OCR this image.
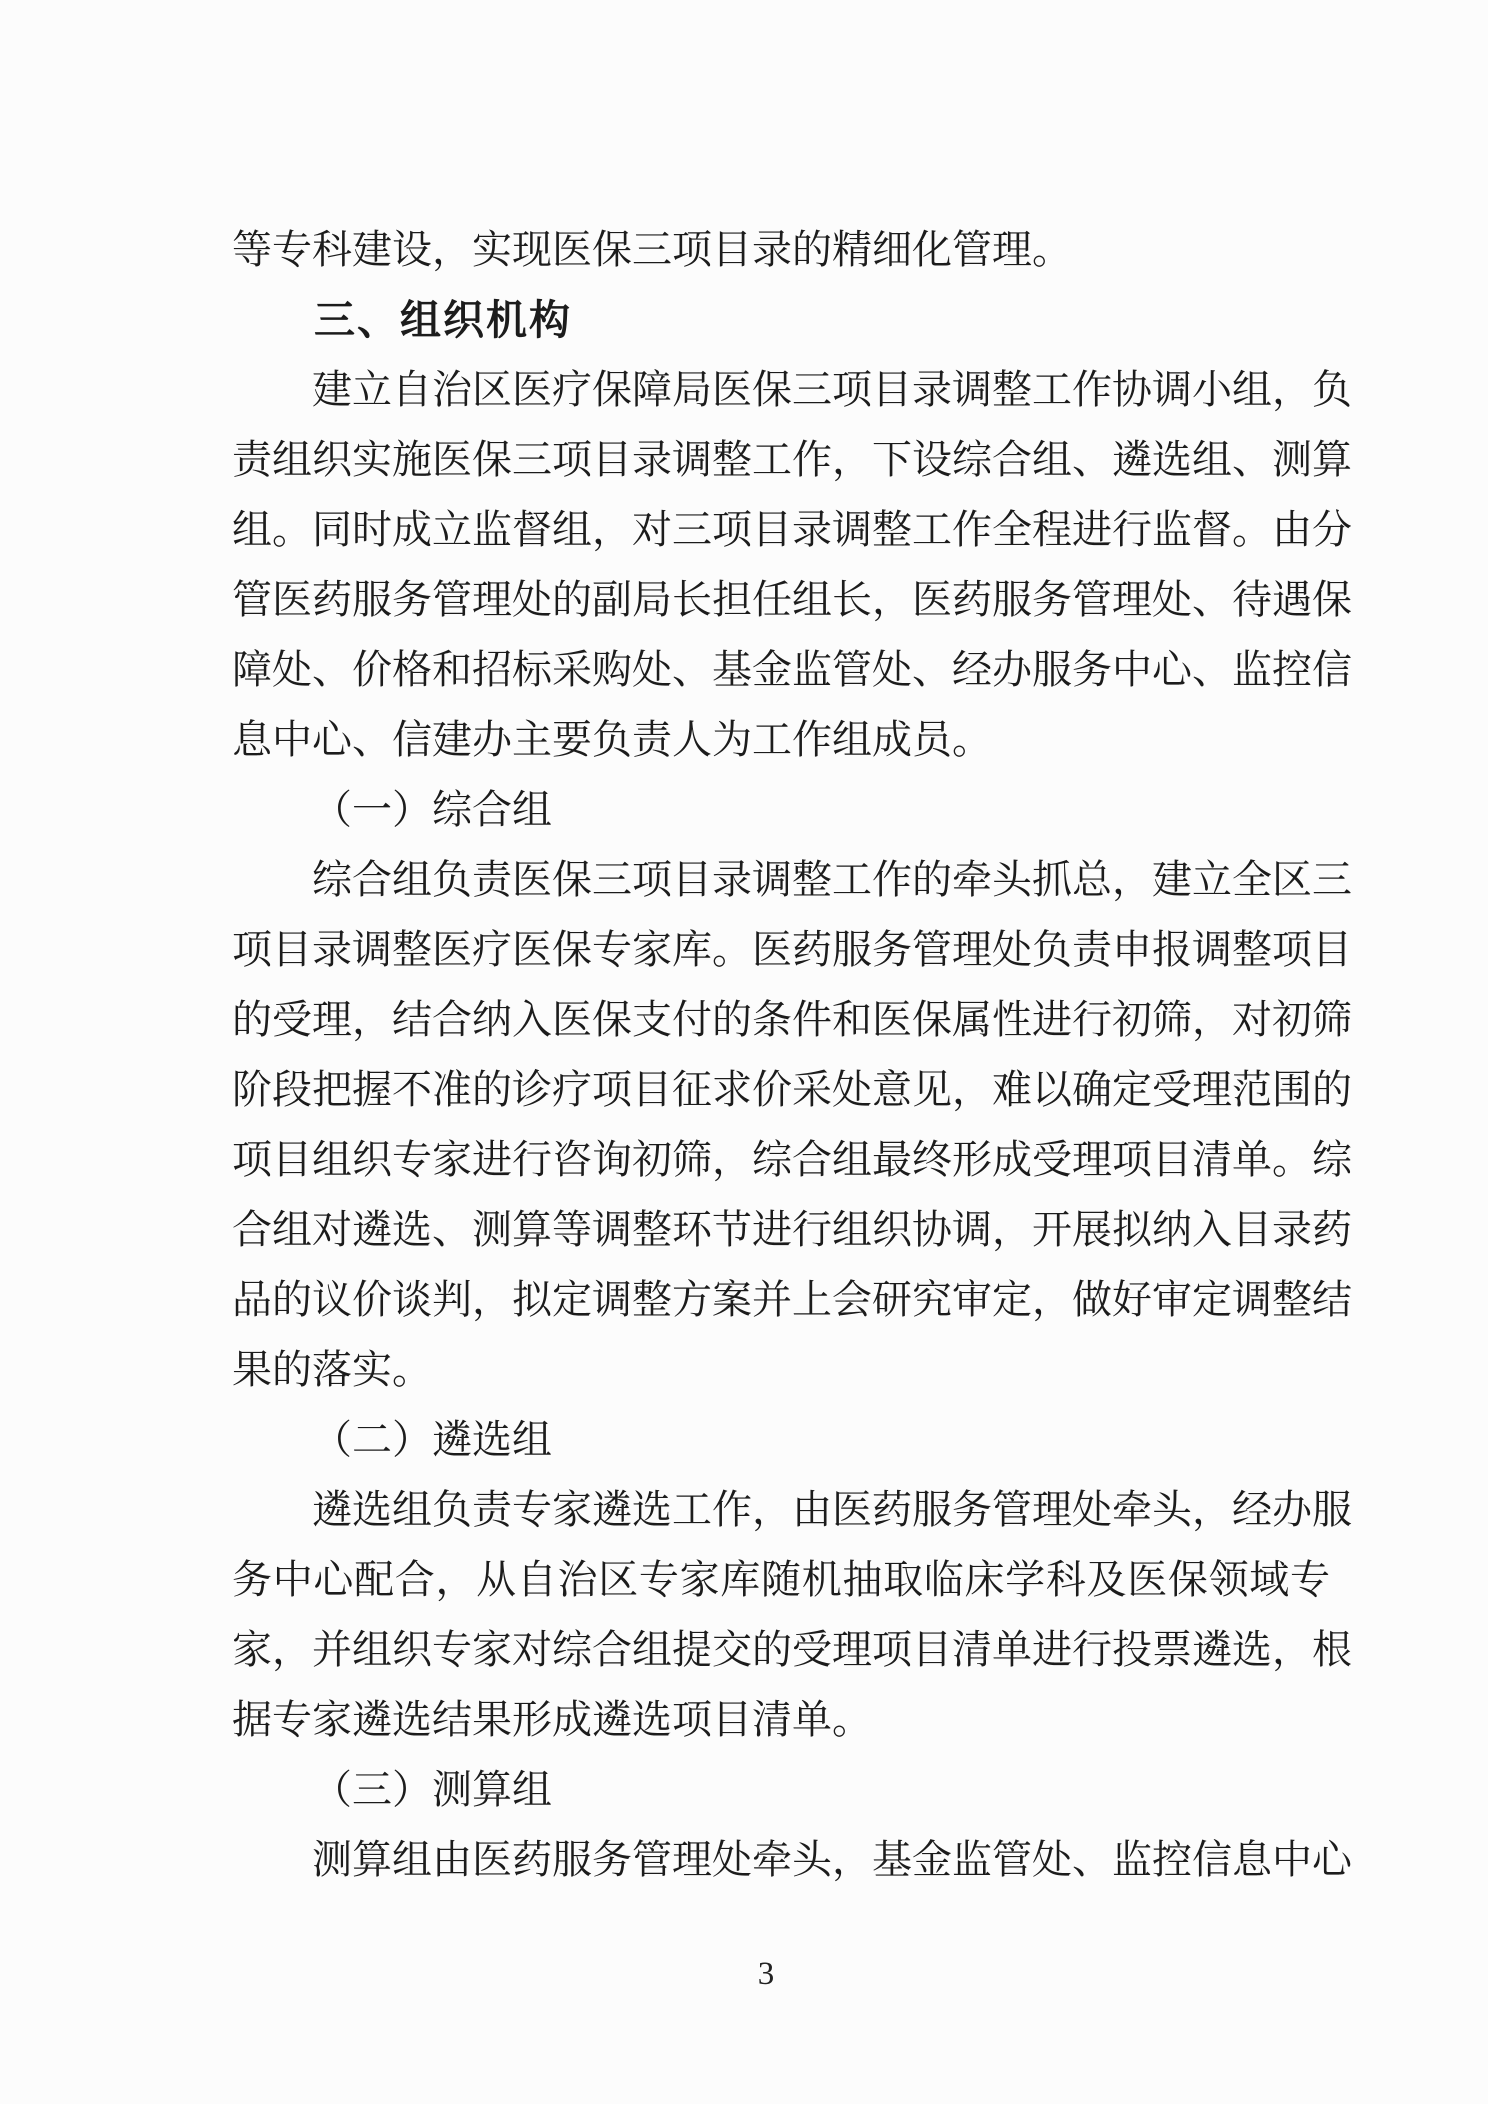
等专科建设，实现医保三项目录的精细化管理。
三、组织机构
建立自治区医疗保障局医保三项目录调整工作协调小组，负
责组织实施医保三项目录调整工作，下设综合组、遴选组、测算
组。同时成立监督组，对三项目录调整工作全程进行监督。由分
管医药服务管理处的副局长担任组长，医药服务管理处、待遇保
障处、价格和招标采购处、基金监管处、经办服务中心、监控信
息中心、信建办主要负责人为工作组成员。
（一）综合组
综合组负责医保三项目录调整工作的牵头抓总，建立全区三
项目录调整医疗医保专家库。医药服务管理处负责申报调整项目
的受理，结合纳入医保支付的条件和医保属性进行初筛，对初筛
阶段把握不准的诊疗项目征求价采处意见，难以确定受理范围的
项目组织专家进行咨询初筛，综合组最终形成受理项目清单。综
合组对遴选、测算等调整环节进行组织协调，开展拟纳入目录药
品的议价谈判，拟定调整方案并上会研究审定，做好审定调整结
果的落实。
（二）遴选组
遴选组负责专家遴选工作，由医药服务管理处牵头，经办服
务中心配合，从自治区专家库随机抽取临床学科及医保领域专
家，并组织专家对综合组提交的受理项目清单进行投票遴选，根
据专家遴选结果形成遴选项目清单。
（三）测算组
测算组由医药服务管理处牵头，基金监管处、监控信息中心
3
